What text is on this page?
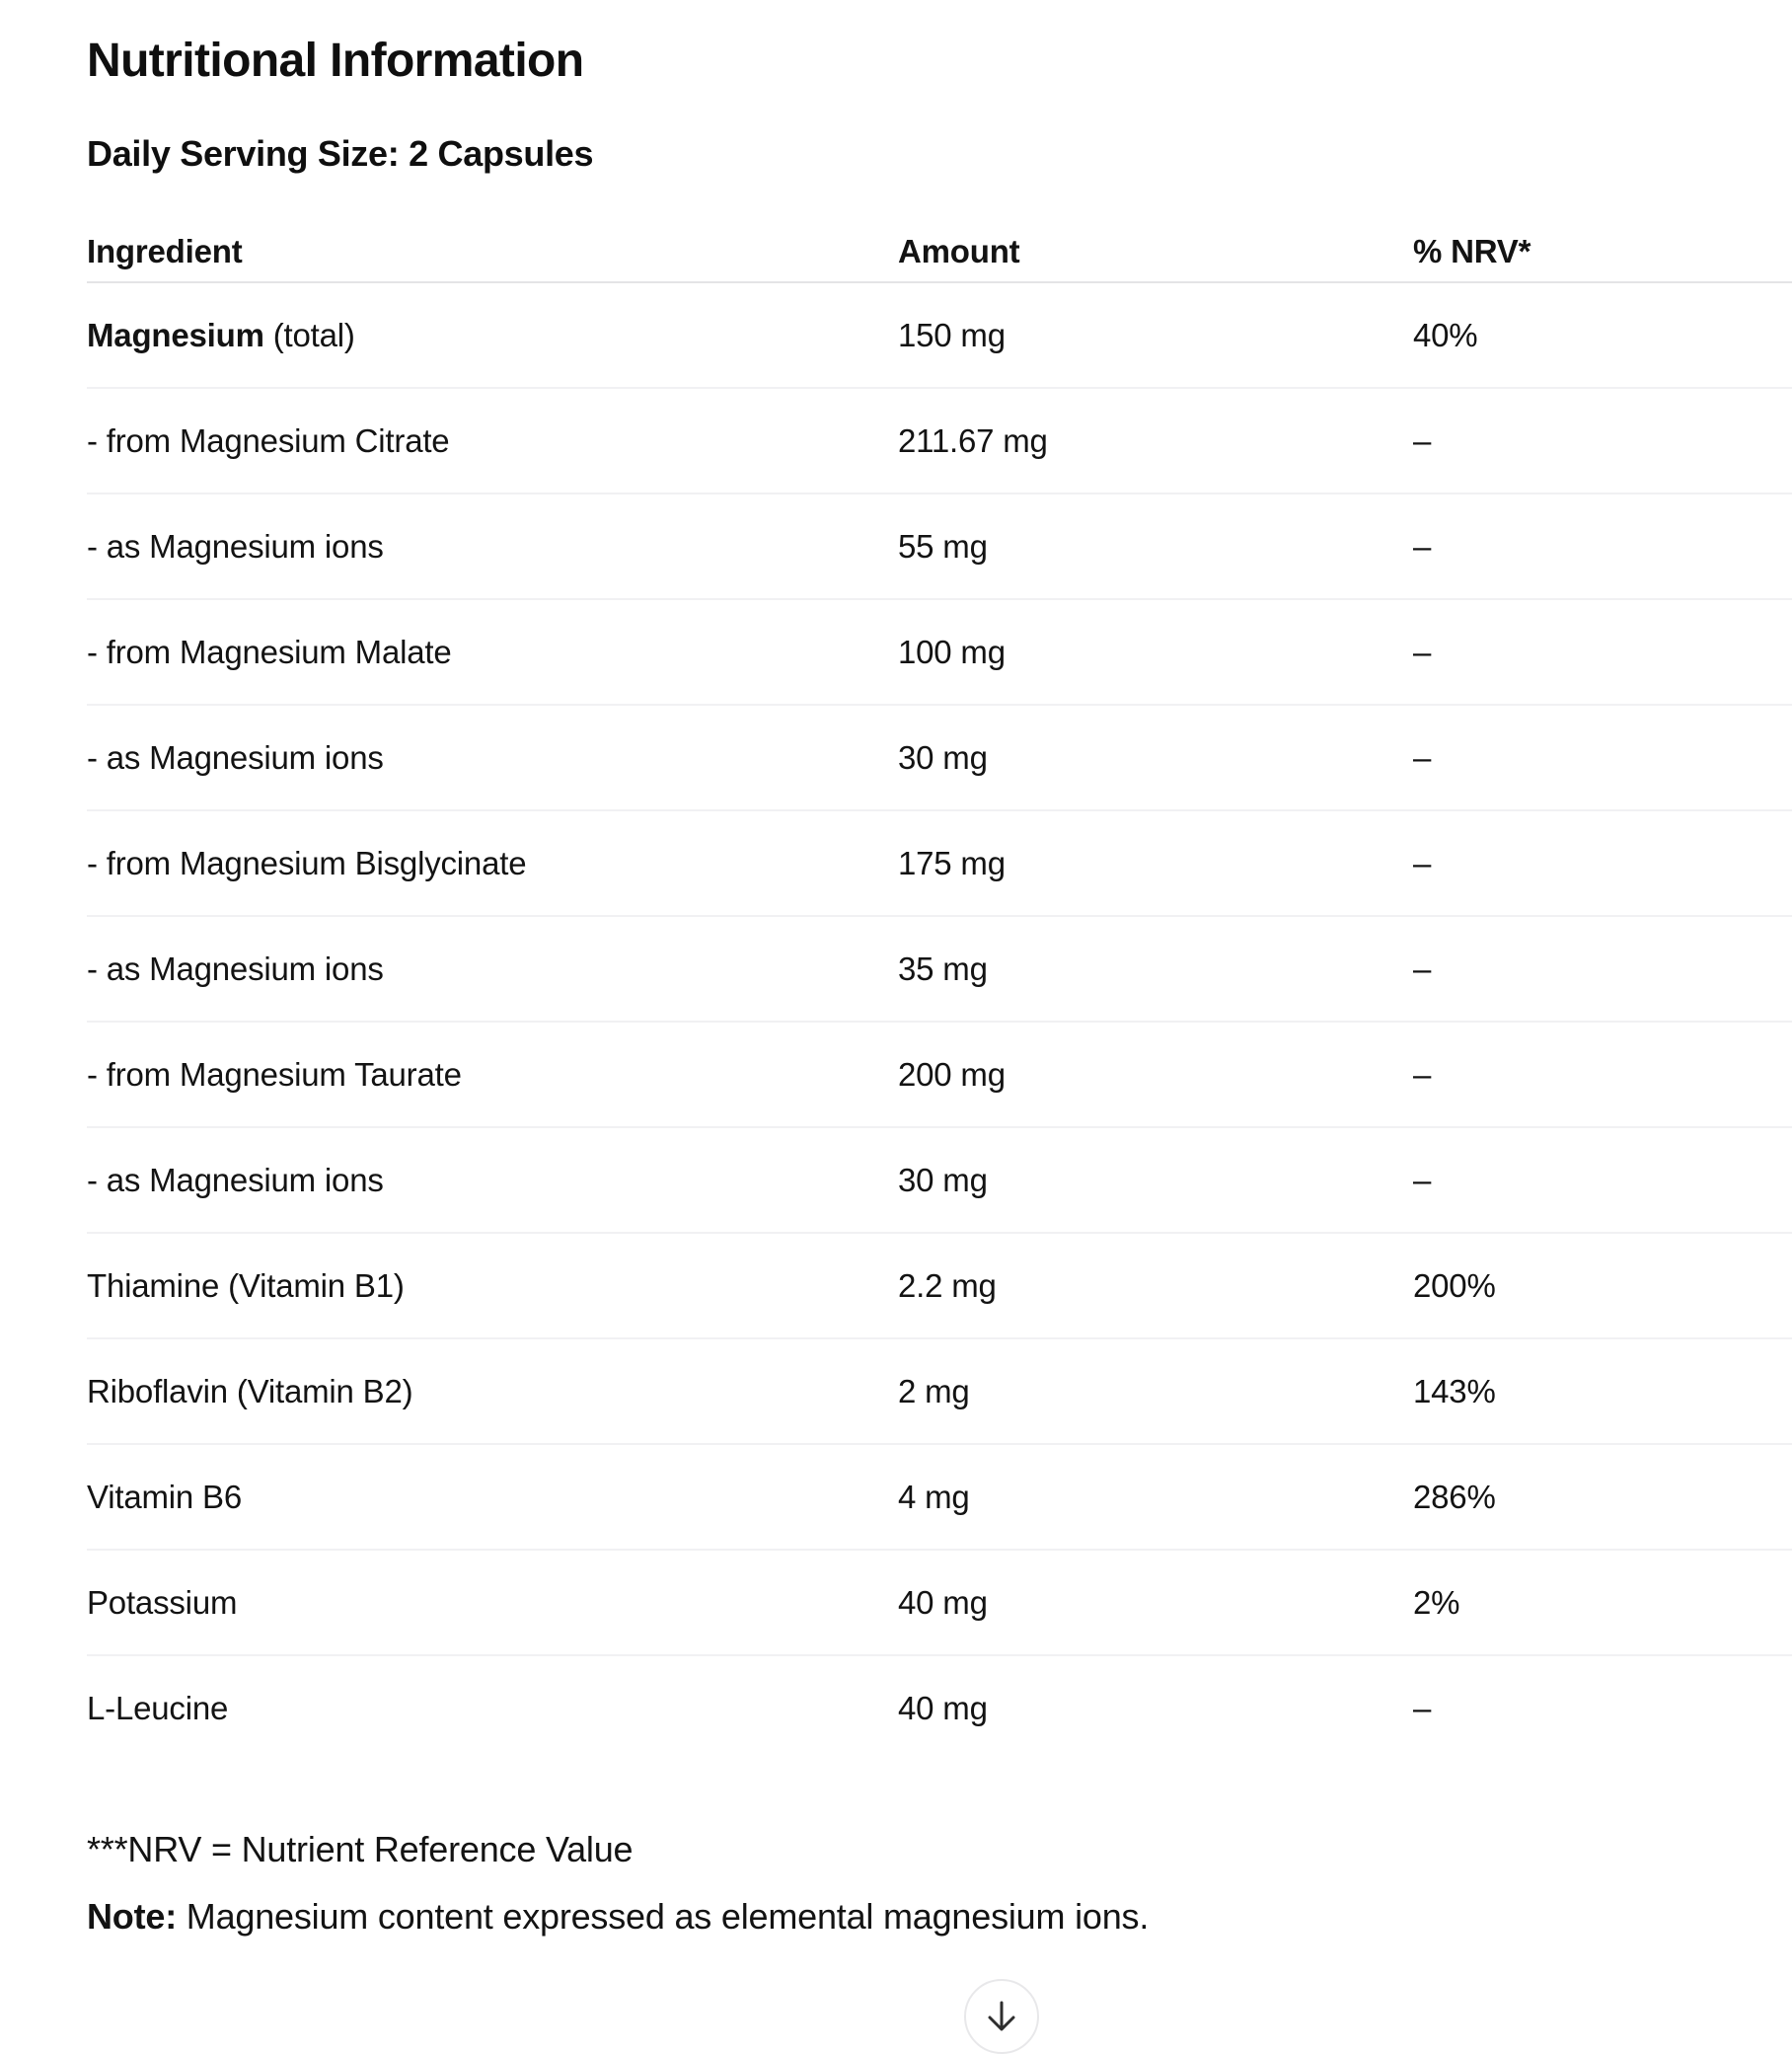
Nutritional Information
Daily Serving Size: 2 Capsules
Ingredient	Amount	% NRV*
Magnesium (total)	150 mg	40%
- from Magnesium Citrate	211.67 mg	–
- as Magnesium ions	55 mg	–
- from Magnesium Malate	100 mg	–
- as Magnesium ions	30 mg	–
- from Magnesium Bisglycinate	175 mg	–
- as Magnesium ions	35 mg	–
- from Magnesium Taurate	200 mg	–
- as Magnesium ions	30 mg	–
Thiamine (Vitamin B1)	2.2 mg	200%
Riboflavin (Vitamin B2)	2 mg	143%
Vitamin B6	4 mg	286%
Potassium	40 mg	2%
L-Leucine	40 mg	–

***NRV = Nutrient Reference Value

Note: Magnesium content expressed as elemental magnesium ions.
